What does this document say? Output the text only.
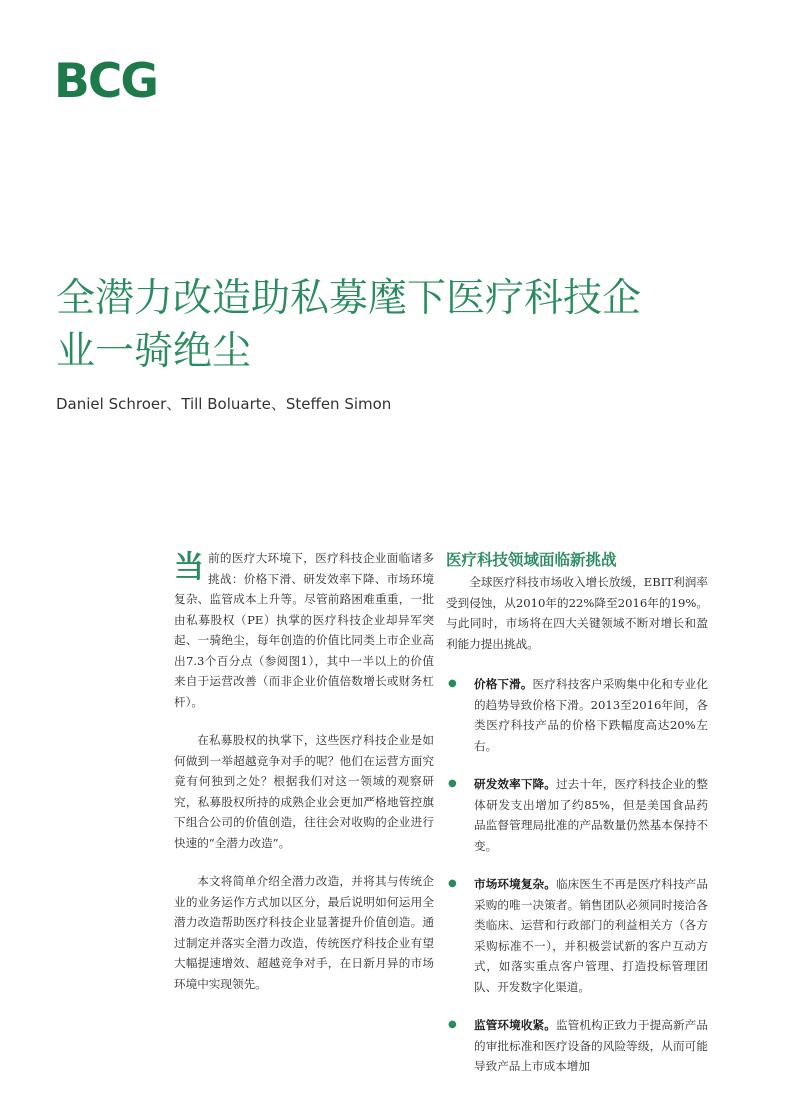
BCG
全潜力改造助私募麾下医疗科技企
业一骑绝尘

Daniel Schroer、Till Boluarte、Steffen Simon

当前的医疗大环境下，医疗科技企业面临诸多挑战：价格下滑、研发效率下降、市场环境复杂、监管成本上升等。尽管前路困难重重，一批由私募股权（PE）执掌的医疗科技企业却异军突起、一骑绝尘，每年创造的价值比同类上市企业高出7.3个百分点（参阅图1），其中一半以上的价值来自于运营改善（而非企业价值倍数增长或财务杠杆）。

在私募股权的执掌下，这些医疗科技企业是如何做到一举超越竞争对手的呢？他们在运营方面究竟有何独到之处？根据我们对这一领域的观察研究，私募股权所持的成熟企业会更加严格地管控旗下组合公司的价值创造，往往会对收购的企业进行快速的“全潜力改造”。

本文将简单介绍全潜力改造，并将其与传统企业的业务运作方式加以区分，最后说明如何运用全潜力改造帮助医疗科技企业显著提升价值创造。通过制定并落实全潜力改造，传统医疗科技企业有望大幅提速增效、超越竞争对手，在日新月异的市场环境中实现领先。

医疗科技领域面临新挑战

全球医疗科技市场收入增长放缓，EBIT利润率受到侵蚀，从2010年的22%降至2016年的19%。与此同时，市场将在四大关键领域不断对增长和盈利能力提出挑战。

● 价格下滑。医疗科技客户采购集中化和专业化的趋势导致价格下滑。2013至2016年间，各类医疗科技产品的价格下跌幅度高达20%左右。
● 研发效率下降。过去十年，医疗科技企业的整体研发支出增加了约85%，但是美国食品药品监督管理局批准的产品数量仍然基本保持不变。
● 市场环境复杂。临床医生不再是医疗科技产品采购的唯一决策者。销售团队必须同时接洽各类临床、运营和行政部门的利益相关方（各方采购标准不一），并积极尝试新的客户互动方式，如落实重点客户管理、打造投标管理团队、开发数字化渠道。
● 监管环境收紧。监管机构正致力于提高新产品的审批标准和医疗设备的风险等级，从而可能导致产品上市成本增加
